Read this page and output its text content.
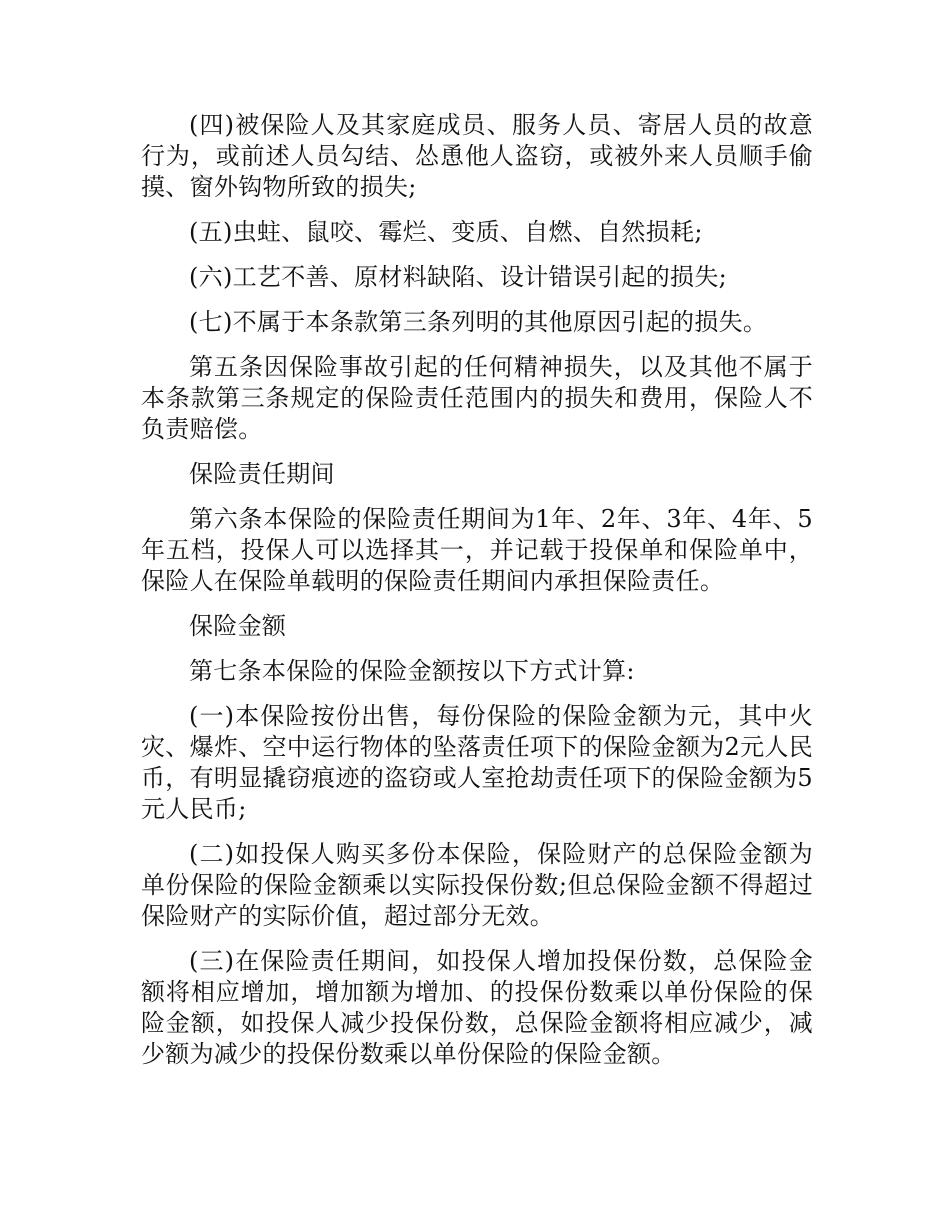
(四)被保险人及其家庭成员、服务人员、寄居人员的故意行为，或前述人员勾结、怂恿他人盗窃，或被外来人员顺手偷摸、窗外钩物所致的损失;

(五)虫蛀、鼠咬、霉烂、变质、自燃、自然损耗;

(六)工艺不善、原材料缺陷、设计错误引起的损失;

(七)不属于本条款第三条列明的其他原因引起的损失。

第五条因保险事故引起的任何精神损失，以及其他不属于本条款第三条规定的保险责任范围内的损失和费用，保险人不负责赔偿。

保险责任期间

第六条本保险的保险责任期间为1年、2年、3年、4年、5年五档，投保人可以选择其一，并记载于投保单和保险单中，保险人在保险单载明的保险责任期间内承担保险责任。

保险金额

第七条本保险的保险金额按以下方式计算:

(一)本保险按份出售，每份保险的保险金额为元，其中火灾、爆炸、空中运行物体的坠落责任项下的保险金额为2元人民币，有明显撬窃痕迹的盗窃或人室抢劫责任项下的保险金额为5元人民币;

(二)如投保人购买多份本保险，保险财产的总保险金额为单份保险的保险金额乘以实际投保份数;但总保险金额不得超过保险财产的实际价值，超过部分无效。

(三)在保险责任期间，如投保人增加投保份数，总保险金额将相应增加，增加额为增加、的投保份数乘以单份保险的保险金额，如投保人减少投保份数，总保险金额将相应减少，减少额为减少的投保份数乘以单份保险的保险金额。
